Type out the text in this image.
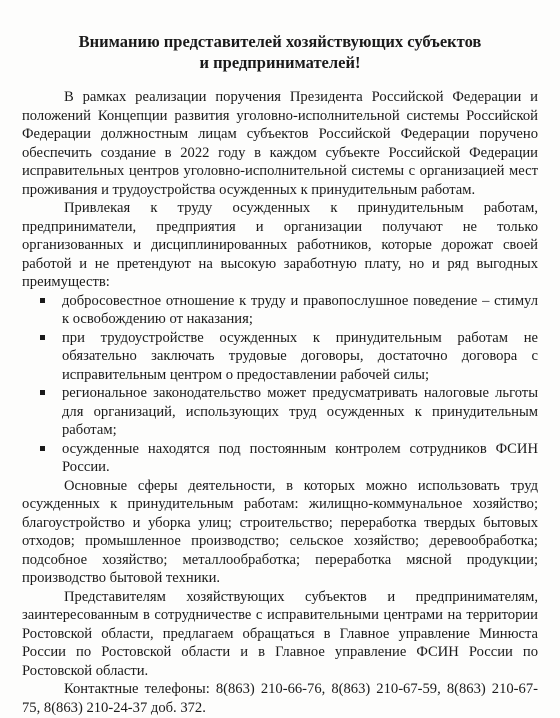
Вниманию представителей хозяйствующих субъектов
и предпринимателей!

В рамках реализации поручения Президента Российской Федерации и положений Концепции развития уголовно-исполнительной системы Российской Федерации должностным лицам субъектов Российской Федерации поручено обеспечить создание в 2022 году в каждом субъекте Российской Федерации исправительных центров уголовно-исполнительной системы с организацией мест проживания и трудоустройства осужденных к принудительным работам.

Привлекая к труду осужденных к принудительным работам, предприниматели, предприятия и организации получают не только организованных и дисциплинированных работников, которые дорожат своей работой и не претендуют на высокую заработную плату, но и ряд выгодных преимуществ:

добросовестное отношение к труду и правопослушное поведение – стимул к освобождению от наказания;
при трудоустройстве осужденных к принудительным работам не обязательно заключать трудовые договоры, достаточно договора с исправительным центром о предоставлении рабочей силы;
региональное законодательство может предусматривать налоговые льготы для организаций, использующих труд осужденных к принудительным работам;
осужденные находятся под постоянным контролем сотрудников ФСИН России.

Основные сферы деятельности, в которых можно использовать труд осужденных к принудительным работам: жилищно-коммунальное хозяйство; благоустройство и уборка улиц; строительство; переработка твердых бытовых отходов; промышленное производство; сельское хозяйство; деревообработка; подсобное хозяйство; металлообработка; переработка мясной продукции; производство бытовой техники.

Представителям хозяйствующих субъектов и предпринимателям, заинтересованным в сотрудничестве с исправительными центрами на территории Ростовской области, предлагаем обращаться в Главное управление Минюста России по Ростовской области и в Главное управление ФСИН России по Ростовской области.

Контактные телефоны: 8(863) 210-66-76, 8(863) 210-67-59, 8(863) 210-67-75, 8(863) 210-24-37 доб. 372.
